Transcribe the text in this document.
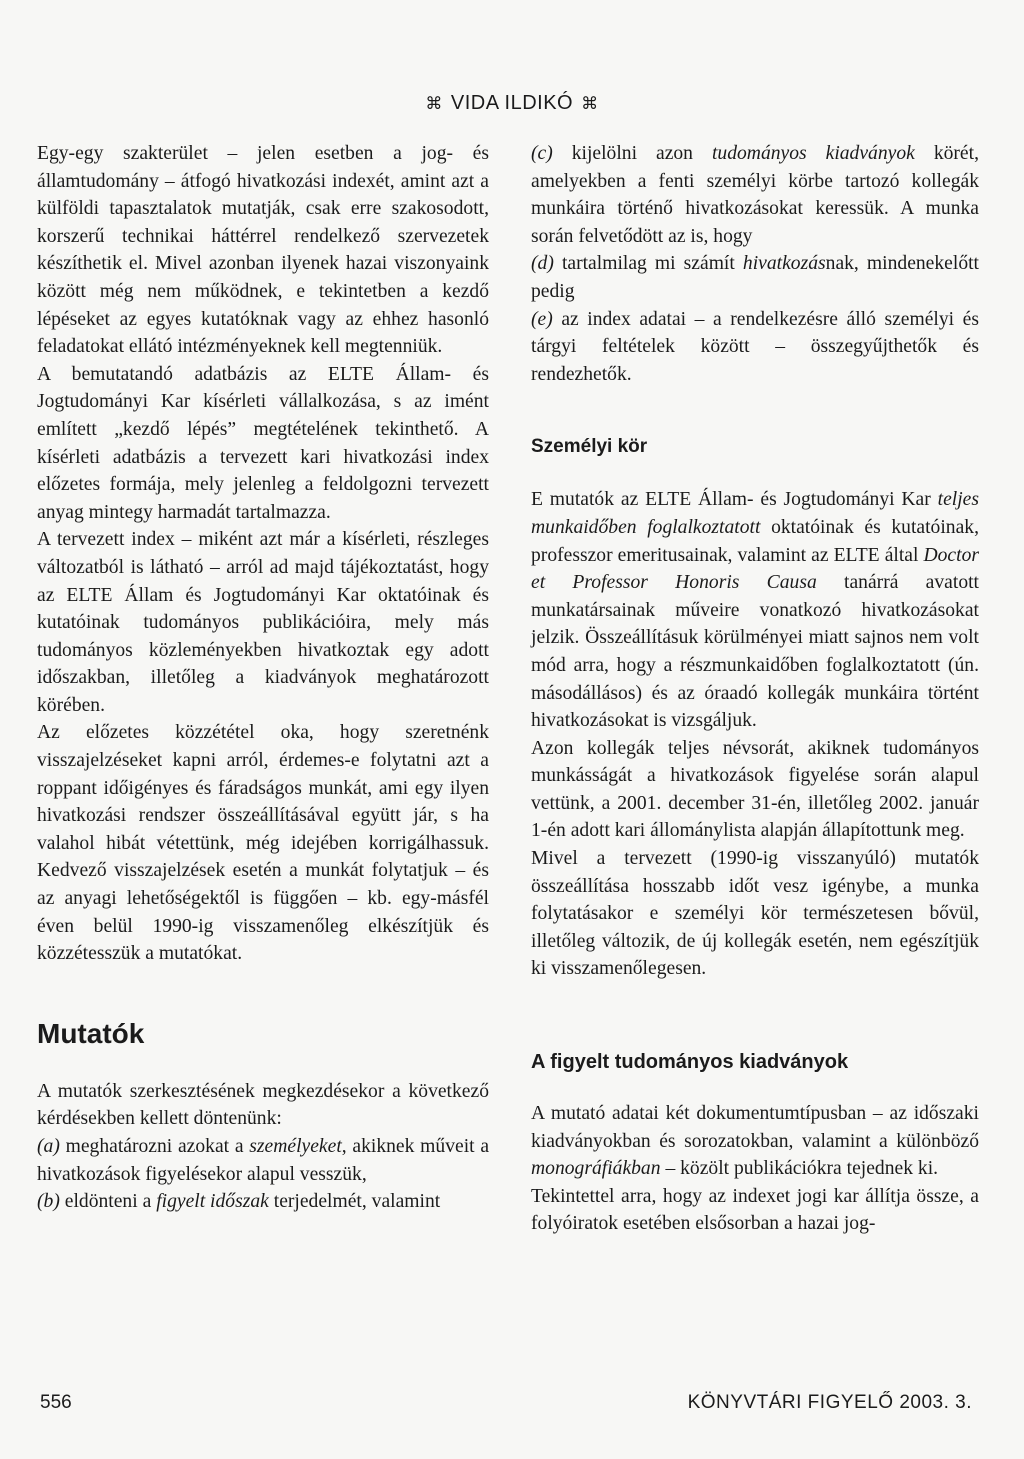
⌘ VIDA ILDIKÓ ⌘

Egy-egy szakterület – jelen esetben a jog- és államtudomány – átfogó hivatkozási indexét, amint azt a külföldi tapasztalatok mutatják, csak erre szakosodott, korszerű technikai háttérrel rendelkező szervezetek készíthetik el. Mivel azonban ilyenek hazai viszonyaink között még nem működnek, e tekintetben a kezdő lépéseket az egyes kutatóknak vagy az ehhez hasonló feladatokat ellátó intézményeknek kell megtenniük.

A bemutatandó adatbázis az ELTE Állam- és Jogtudományi Kar kísérleti vállalkozása, s az imént említett „kezdő lépés” megtételének tekinthető. A kísérleti adatbázis a tervezett kari hivatkozási index előzetes formája, mely jelenleg a feldolgozni tervezett anyag mintegy harmadát tartalmazza.

A tervezett index – miként azt már a kísérleti, részleges változatból is látható – arról ad majd tájékoztatást, hogy az ELTE Állam és Jogtudományi Kar oktatóinak és kutatóinak tudományos publikációira, mely más tudományos közleményekben hivatkoztak egy adott időszakban, illetőleg a kiadványok meghatározott körében.

Az előzetes közzététel oka, hogy szeretnénk visszajelzéseket kapni arról, érdemes-e folytatni azt a roppant időigényes és fáradságos munkát, ami egy ilyen hivatkozási rendszer összeállításával együtt jár, s ha valahol hibát vétettünk, még idejében korrigálhassuk. Kedvező visszajelzések esetén a munkát folytatjuk – és az anyagi lehetőségektől is függően – kb. egy-másfél éven belül 1990-ig visszamenőleg elkészítjük és közzétesszük a mutatókat.

Mutatók

A mutatók szerkesztésének megkezdésekor a következő kérdésekben kellett döntenünk:

(a) meghatározni azokat a személyeket, akiknek műveit a hivatkozások figyelésekor alapul vesszük,

(b) eldönteni a figyelt időszak terjedelmét, valamint

(c) kijelölni azon tudományos kiadványok körét, amelyekben a fenti személyi körbe tartozó kollegák munkáira történő hivatkozásokat keressük. A munka során felvetődött az is, hogy

(d) tartalmilag mi számít hivatkozásnak, mindenekelőtt pedig

(e) az index adatai – a rendelkezésre álló személyi és tárgyi feltételek között – összegyűjthetők és rendezhetők.

Személyi kör

E mutatók az ELTE Állam- és Jogtudományi Kar teljes munkaidőben foglalkoztatott oktatóinak és kutatóinak, professzor emeritusainak, valamint az ELTE által Doctor et Professor Honoris Causa tanárrá avatott munkatársainak műveire vonatkozó hivatkozásokat jelzik. Összeállításuk körülményei miatt sajnos nem volt mód arra, hogy a részmunkaidőben foglalkoztatott (ún. másodállásos) és az óraadó kollegák munkáira történt hivatkozásokat is vizsgáljuk.

Azon kollegák teljes névsorát, akiknek tudományos munkásságát a hivatkozások figyelése során alapul vettünk, a 2001. december 31-én, illetőleg 2002. január 1-én adott kari állománylista alapján állapítottunk meg.

Mivel a tervezett (1990-ig visszanyúló) mutatók összeállítása hosszabb időt vesz igénybe, a munka folytatásakor e személyi kör természetesen bővül, illetőleg változik, de új kollegák esetén, nem egészítjük ki visszamenőlegesen.

A figyelt tudományos kiadványok

A mutató adatai két dokumentumtípusban – az időszaki kiadványokban és sorozatokban, valamint a különböző monográfiákban – közölt publikációkra tejednek ki.

Tekintettel arra, hogy az indexet jogi kar állítja össze, a folyóiratok esetében elsősorban a hazai jog-

556	KÖNYVTÁRI FIGYELŐ 2003. 3.
